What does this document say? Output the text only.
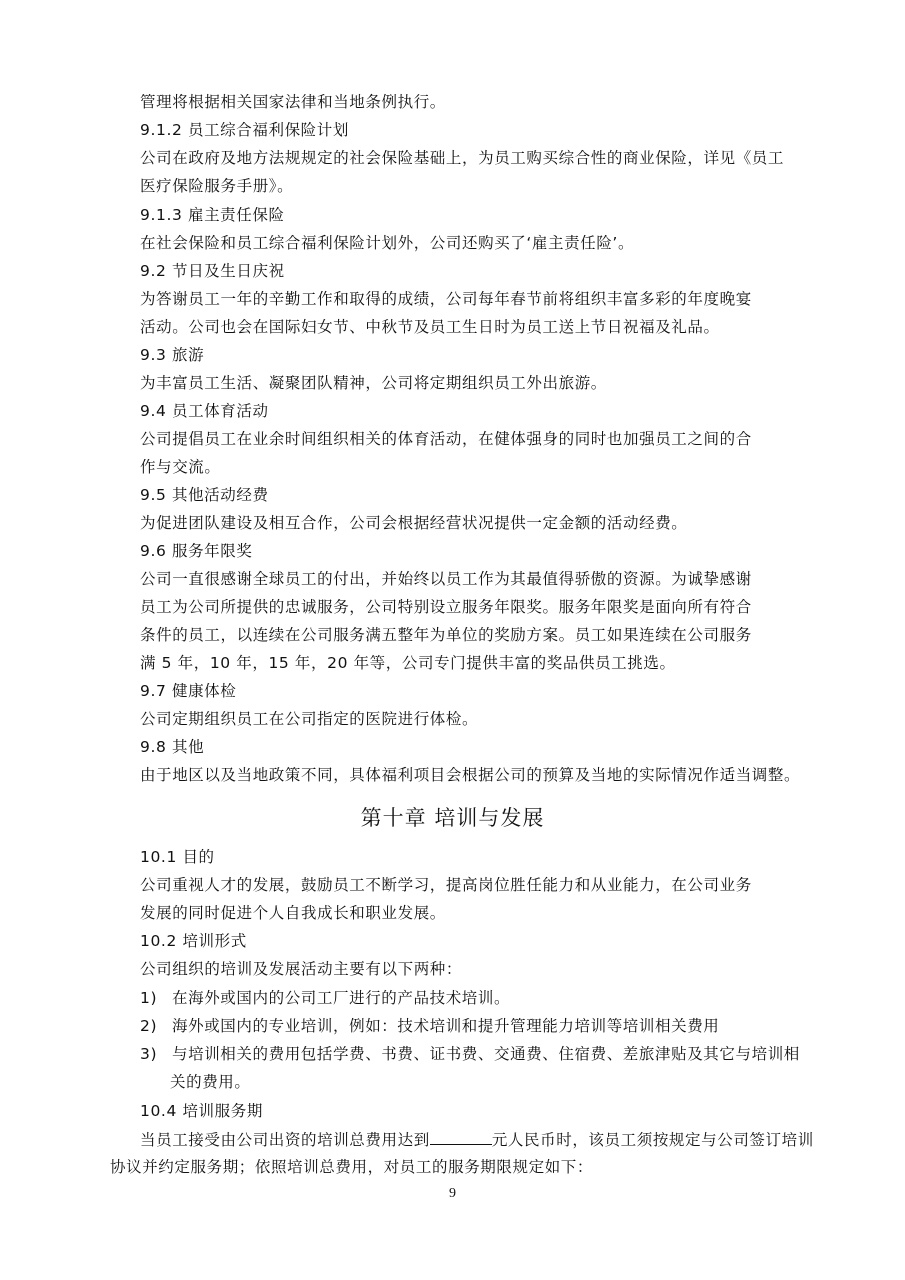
管理将根据相关国家法律和当地条例执行。
9.1.2 员工综合福利保险计划
公司在政府及地方法规规定的社会保险基础上，为员工购买综合性的商业保险，详见《员工
医疗保险服务手册》。
9.1.3 雇主责任保险
在社会保险和员工综合福利保险计划外，公司还购买了‘雇主责任险’。
9.2 节日及生日庆祝
为答谢员工一年的辛勤工作和取得的成绩，公司每年春节前将组织丰富多彩的年度晚宴
活动。公司也会在国际妇女节、中秋节及员工生日时为员工送上节日祝福及礼品。
9.3 旅游
为丰富员工生活、凝聚团队精神，公司将定期组织员工外出旅游。
9.4 员工体育活动
公司提倡员工在业余时间组织相关的体育活动，在健体强身的同时也加强员工之间的合
作与交流。
9.5 其他活动经费
为促进团队建设及相互合作，公司会根据经营状况提供一定金额的活动经费。
9.6 服务年限奖
公司一直很感谢全球员工的付出，并始终以员工作为其最值得骄傲的资源。为诚挚感谢
员工为公司所提供的忠诚服务，公司特别设立服务年限奖。服务年限奖是面向所有符合
条件的员工，以连续在公司服务满五整年为单位的奖励方案。员工如果连续在公司服务
满 5 年，10 年，15 年，20 年等，公司专门提供丰富的奖品供员工挑选。
9.7 健康体检
公司定期组织员工在公司指定的医院进行体检。
9.8 其他
由于地区以及当地政策不同，具体福利项目会根据公司的预算及当地的实际情况作适当调整。
第十章 培训与发展
10.1 目的
公司重视人才的发展，鼓励员工不断学习，提高岗位胜任能力和从业能力，在公司业务
发展的同时促进个人自我成长和职业发展。
10.2 培训形式
公司组织的培训及发展活动主要有以下两种：
1) 在海外或国内的公司工厂进行的产品技术培训。
2) 海外或国内的专业培训，例如：技术培训和提升管理能力培训等培训相关费用
3) 与培训相关的费用包括学费、书费、证书费、交通费、住宿费、差旅津贴及其它与培训相
关的费用。
10.4 培训服务期
当员工接受由公司出资的培训总费用达到	元人民币时，该员工须按规定与公司签订培训
协议并约定服务期；依照培训总费用，对员工的服务期限规定如下：
9
